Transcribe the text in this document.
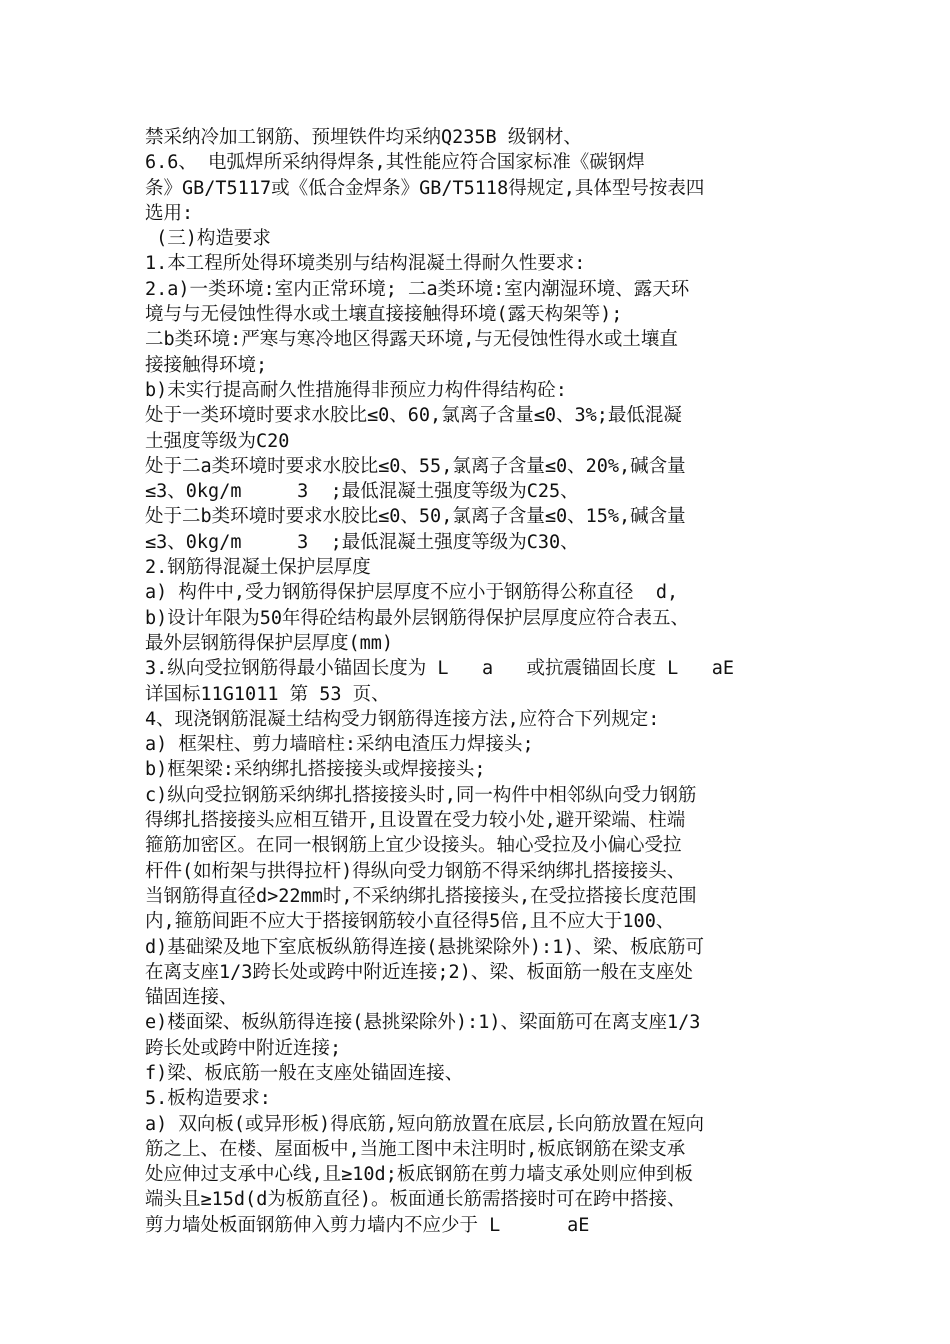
禁采纳冷加工钢筋、预埋铁件均采纳Q235B 级钢材、
6.6、 电弧焊所采纳得焊条,其性能应符合国家标准《碳钢焊
条》GB/T5117或《低合金焊条》GB/T5118得规定,具体型号按表四
选用:
(三)构造要求
1.本工程所处得环境类别与结构混凝土得耐久性要求:
2.a)一类环境:室内正常环境; 二a类环境:室内潮湿环境、露天环
境与与无侵蚀性得水或土壤直接接触得环境(露天构架等);
二b类环境:严寒与寒冷地区得露天环境,与无侵蚀性得水或土壤直
接接触得环境;
b)未实行提高耐久性措施得非预应力构件得结构砼:
处于一类环境时要求水胶比≤0、60,氯离子含量≤0、3%;最低混凝
土强度等级为C20
处于二a类环境时要求水胶比≤0、55,氯离子含量≤0、20%,碱含量
≤3、0kg/m     3  ;最低混凝土强度等级为C25、
处于二b类环境时要求水胶比≤0、50,氯离子含量≤0、15%,碱含量
≤3、0kg/m     3  ;最低混凝土强度等级为C30、
2.钢筋得混凝土保护层厚度
a) 构件中,受力钢筋得保护层厚度不应小于钢筋得公称直径  d,
b)设计年限为50年得砼结构最外层钢筋得保护层厚度应符合表五、
最外层钢筋得保护层厚度(mm)
3.纵向受拉钢筋得最小锚固长度为 L   a   或抗震锚固长度 L   aE
详国标11G1011 第 53 页、
4、现浇钢筋混凝土结构受力钢筋得连接方法,应符合下列规定:
a) 框架柱、剪力墙暗柱:采纳电渣压力焊接头;
b)框架梁:采纳绑扎搭接接头或焊接接头;
c)纵向受拉钢筋采纳绑扎搭接接头时,同一构件中相邻纵向受力钢筋
得绑扎搭接接头应相互错开,且设置在受力较小处,避开梁端、柱端
箍筋加密区。在同一根钢筋上宜少设接头。轴心受拉及小偏心受拉
杆件(如桁架与拱得拉杆)得纵向受力钢筋不得采纳绑扎搭接接头、
当钢筋得直径d>22mm时,不采纳绑扎搭接接头,在受拉搭接长度范围
内,箍筋间距不应大于搭接钢筋较小直径得5倍,且不应大于100、
d)基础梁及地下室底板纵筋得连接(悬挑梁除外):1)、梁、板底筋可
在离支座1/3跨长处或跨中附近连接;2)、梁、板面筋一般在支座处
锚固连接、
e)楼面梁、板纵筋得连接(悬挑梁除外):1)、梁面筋可在离支座1/3
跨长处或跨中附近连接;
f)梁、板底筋一般在支座处锚固连接、
5.板构造要求:
a) 双向板(或异形板)得底筋,短向筋放置在底层,长向筋放置在短向
筋之上、在楼、屋面板中,当施工图中未注明时,板底钢筋在梁支承
处应伸过支承中心线,且≥10d;板底钢筋在剪力墙支承处则应伸到板
端头且≥15d(d为板筋直径)。板面通长筋需搭接时可在跨中搭接、
剪力墙处板面钢筋伸入剪力墙内不应少于 L      aE
